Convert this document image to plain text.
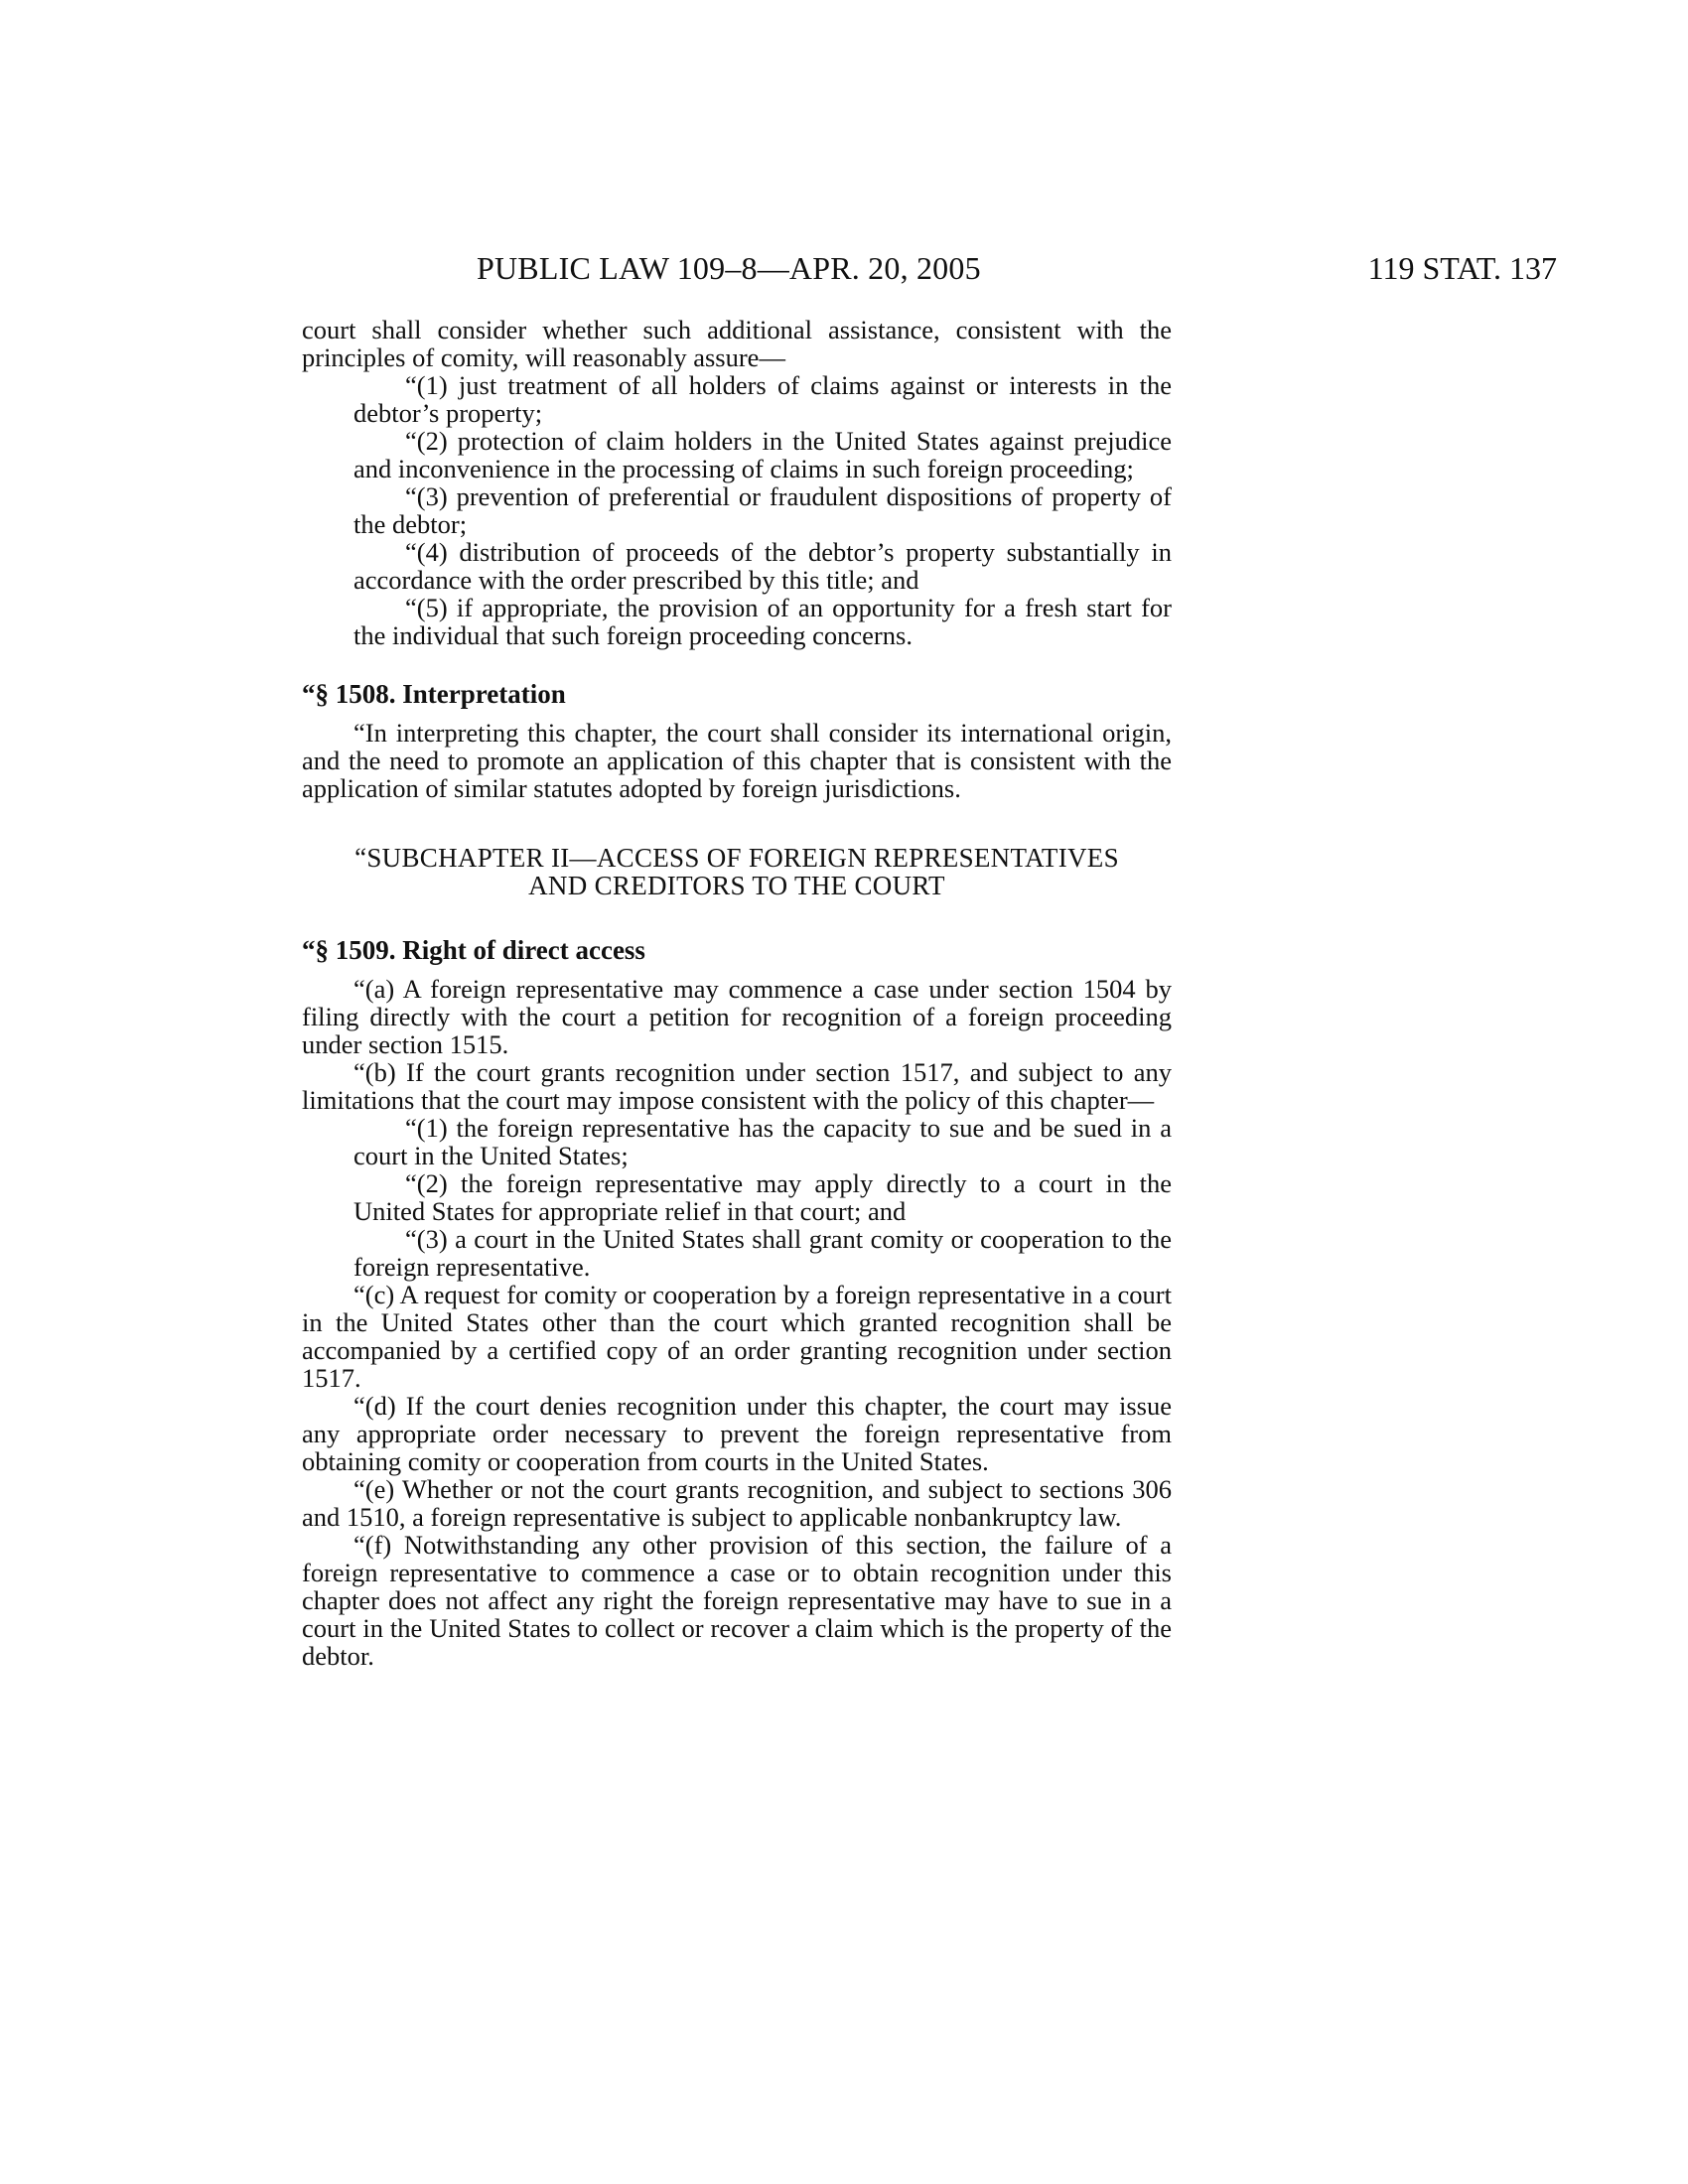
PUBLIC LAW 109–8—APR. 20, 2005	119 STAT. 137

court shall consider whether such additional assistance, consistent with the principles of comity, will reasonably assure—

“(1) just treatment of all holders of claims against or interests in the debtor’s property;

“(2) protection of claim holders in the United States against prejudice and inconvenience in the processing of claims in such foreign proceeding;

“(3) prevention of preferential or fraudulent dispositions of property of the debtor;

“(4) distribution of proceeds of the debtor’s property substantially in accordance with the order prescribed by this title; and

“(5) if appropriate, the provision of an opportunity for a fresh start for the individual that such foreign proceeding concerns.

“§ 1508. Interpretation

“In interpreting this chapter, the court shall consider its international origin, and the need to promote an application of this chapter that is consistent with the application of similar statutes adopted by foreign jurisdictions.

“SUBCHAPTER II—ACCESS OF FOREIGN REPRESENTATIVES
AND CREDITORS TO THE COURT
“§ 1509. Right of direct access

“(a) A foreign representative may commence a case under section 1504 by filing directly with the court a petition for recognition of a foreign proceeding under section 1515.

“(b) If the court grants recognition under section 1517, and subject to any limitations that the court may impose consistent with the policy of this chapter—

“(1) the foreign representative has the capacity to sue and be sued in a court in the United States;

“(2) the foreign representative may apply directly to a court in the United States for appropriate relief in that court; and

“(3) a court in the United States shall grant comity or cooperation to the foreign representative.

“(c) A request for comity or cooperation by a foreign representative in a court in the United States other than the court which granted recognition shall be accompanied by a certified copy of an order granting recognition under section 1517.

“(d) If the court denies recognition under this chapter, the court may issue any appropriate order necessary to prevent the foreign representative from obtaining comity or cooperation from courts in the United States.

“(e) Whether or not the court grants recognition, and subject to sections 306 and 1510, a foreign representative is subject to applicable nonbankruptcy law.

“(f) Notwithstanding any other provision of this section, the failure of a foreign representative to commence a case or to obtain recognition under this chapter does not affect any right the foreign representative may have to sue in a court in the United States to collect or recover a claim which is the property of the debtor.
